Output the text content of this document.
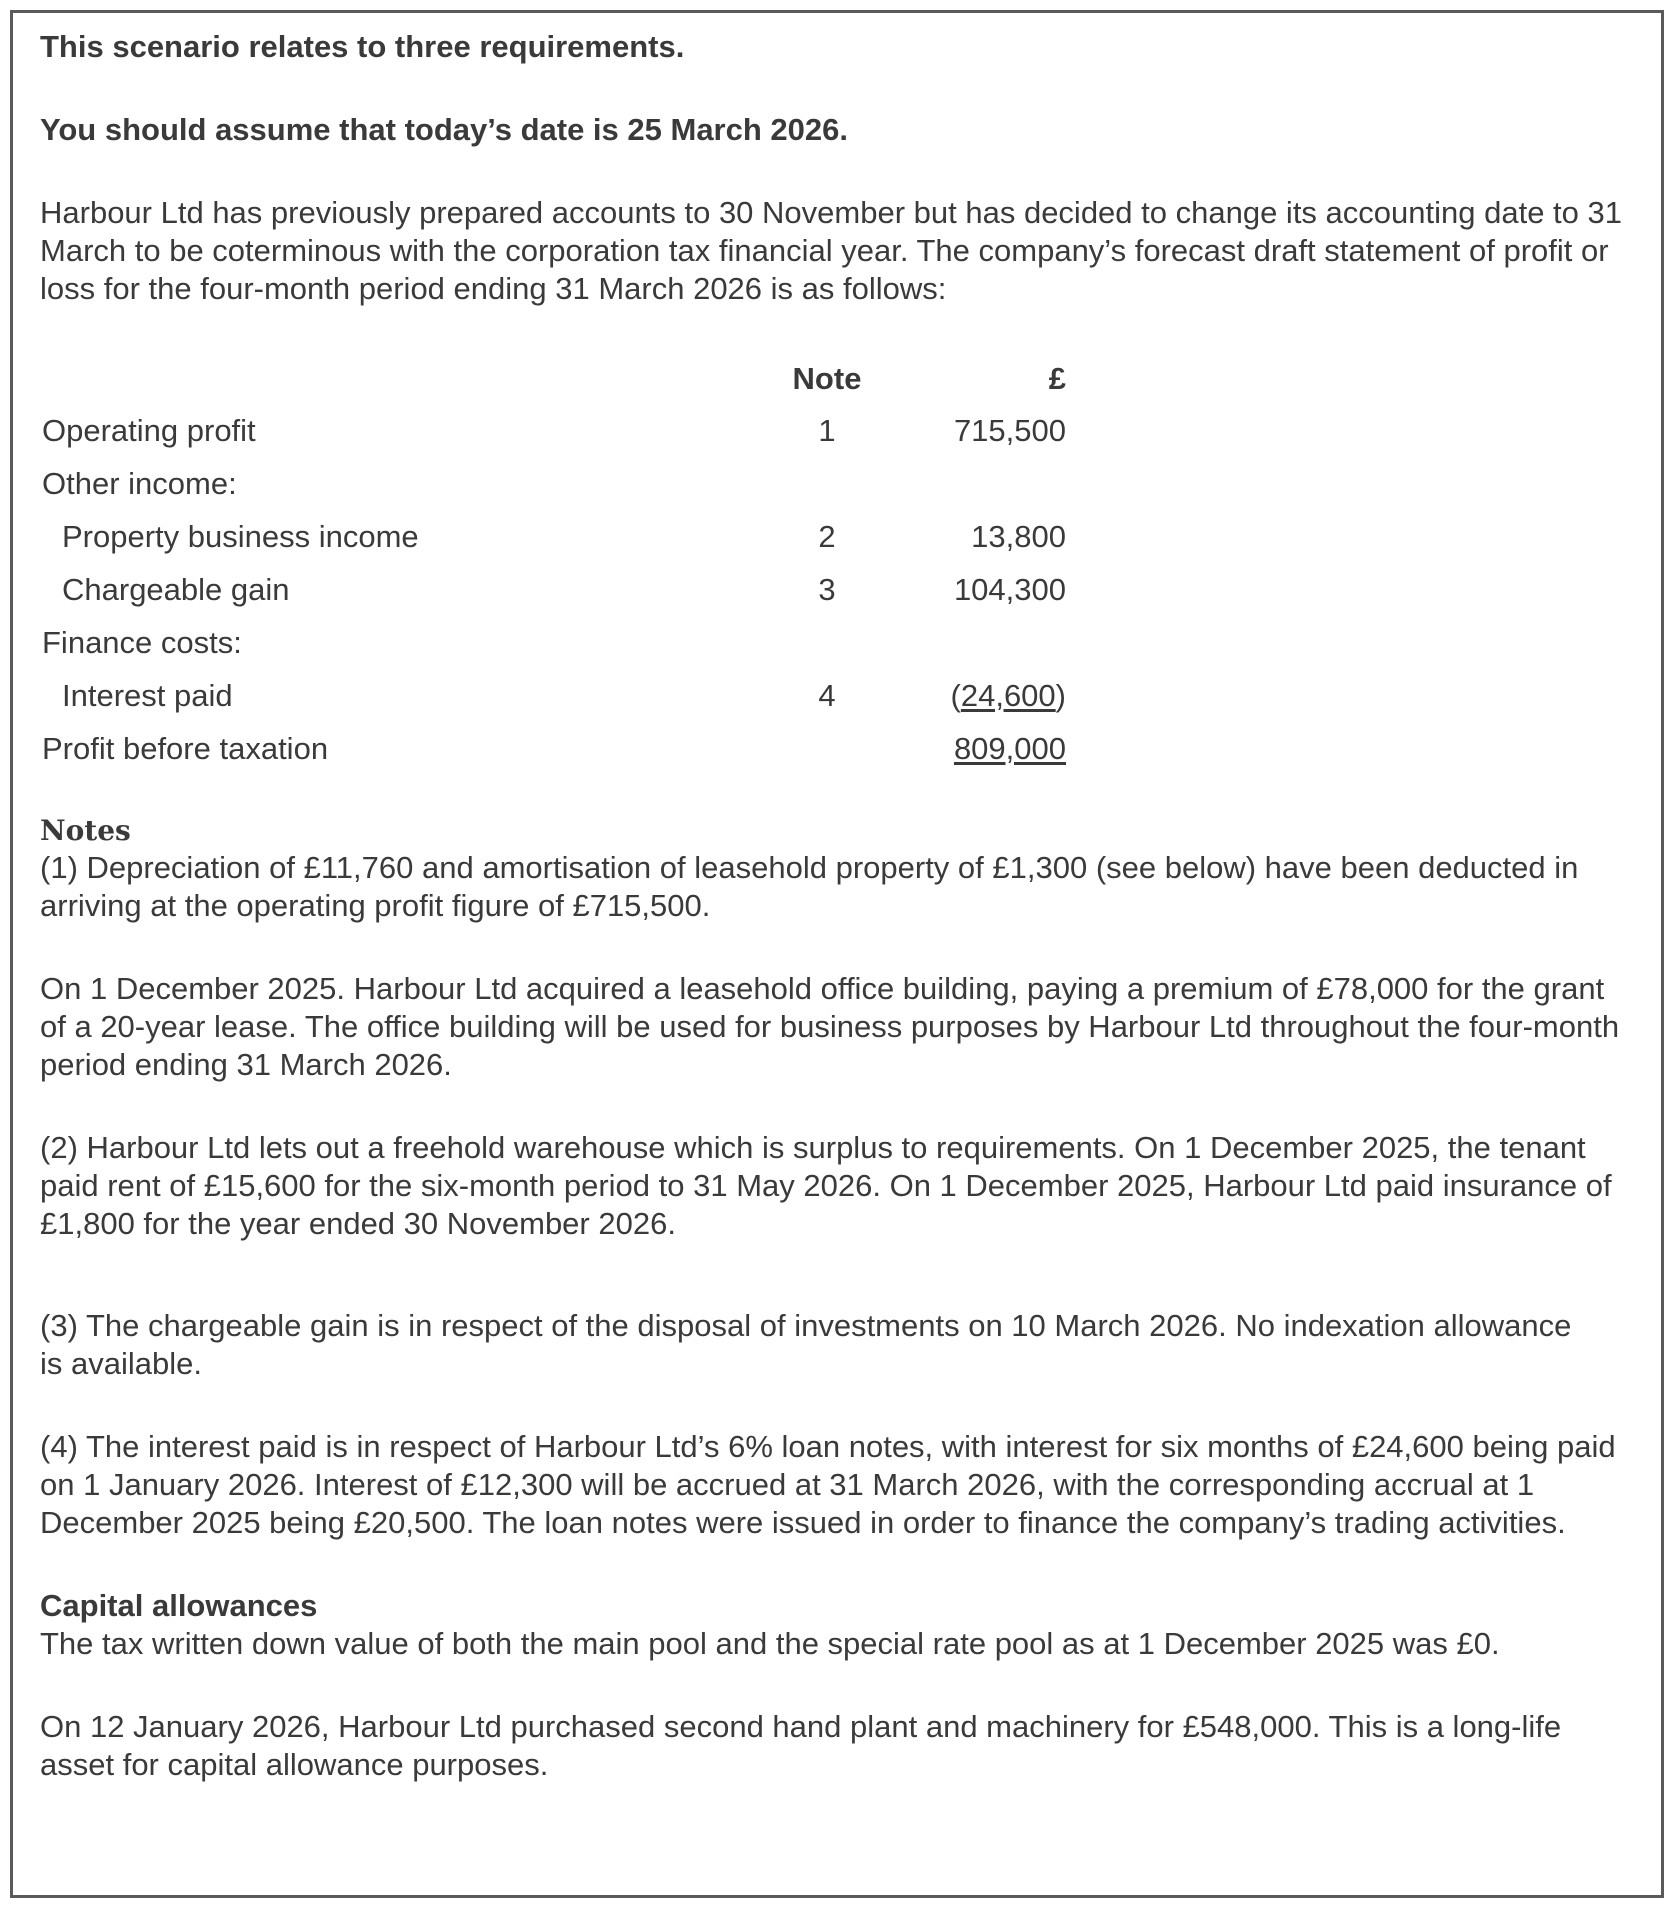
This scenario relates to three requirements.

You should assume that today’s date is 25 March 2026.

Harbour Ltd has previously prepared accounts to 30 November but has decided to change its accounting date to 31 March to be coterminous with the corporation tax financial year. The company’s forecast draft statement of profit or loss for the four-month period ending 31 March 2026 is as follows:

	Note	£
Operating profit	1	715,500
Other income:		
Property business income	2	13,800
Chargeable gain	3	104,300
Finance costs:		
Interest paid	4	(24,600)
Profit before taxation		809,000

Notes

(1) Depreciation of £11,760 and amortisation of leasehold property of £1,300 (see below) have been deducted in arriving at the operating profit figure of £715,500.

On 1 December 2025. Harbour Ltd acquired a leasehold office building, paying a premium of £78,000 for the grant of a 20-year lease. The office building will be used for business purposes by Harbour Ltd throughout the four-month period ending 31 March 2026.

(2) Harbour Ltd lets out a freehold warehouse which is surplus to requirements. On 1 December 2025, the tenant paid rent of £15,600 for the six-month period to 31 May 2026. On 1 December 2025, Harbour Ltd paid insurance of £1,800 for the year ended 30 November 2026.

(3) The chargeable gain is in respect of the disposal of investments on 10 March 2026. No indexation allowance is available.

(4) The interest paid is in respect of Harbour Ltd’s 6% loan notes, with interest for six months of £24,600 being paid on 1 January 2026. Interest of £12,300 will be accrued at 31 March 2026, with the corresponding accrual at 1 December 2025 being £20,500. The loan notes were issued in order to finance the company’s trading activities.

Capital allowances

The tax written down value of both the main pool and the special rate pool as at 1 December 2025 was £0.

On 12 January 2026, Harbour Ltd purchased second hand plant and machinery for £548,000. This is a long-life asset for capital allowance purposes.
